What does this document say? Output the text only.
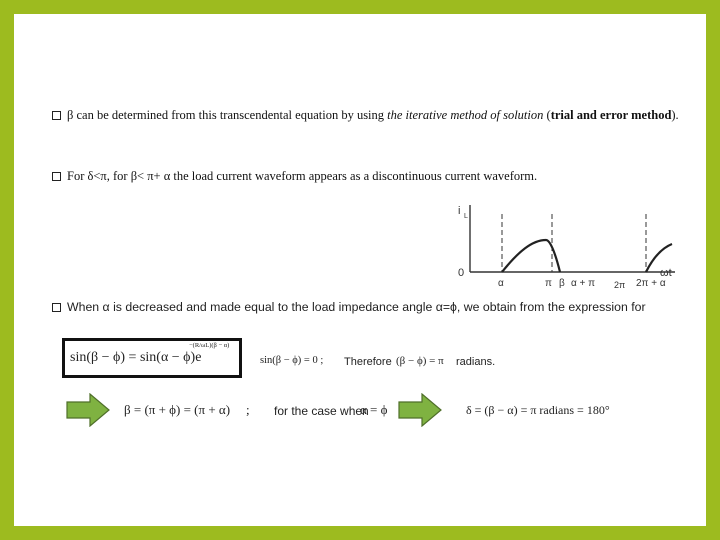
β can be determined from this transcendental equation by using the iterative method of solution (trial and error method).
For δ<π, for β< π+ α the load current waveform appears as a discontinuous current waveform.
i L
0	ωt
α	π β α + π 2π 2π + α
When α is decreased and made equal to the load impedance angle α=ϕ, we obtain from the expression for
sin(β − ϕ) = sin(α − ϕ)e
−(R/ωL)(β − α)
sin(β − ϕ) = 0 ; Therefore (β − ϕ) = π radians.
β = (π + ϕ) = (π + α) ; for the case when
α = ϕ	δ = (β − α) = π radians = 180°
